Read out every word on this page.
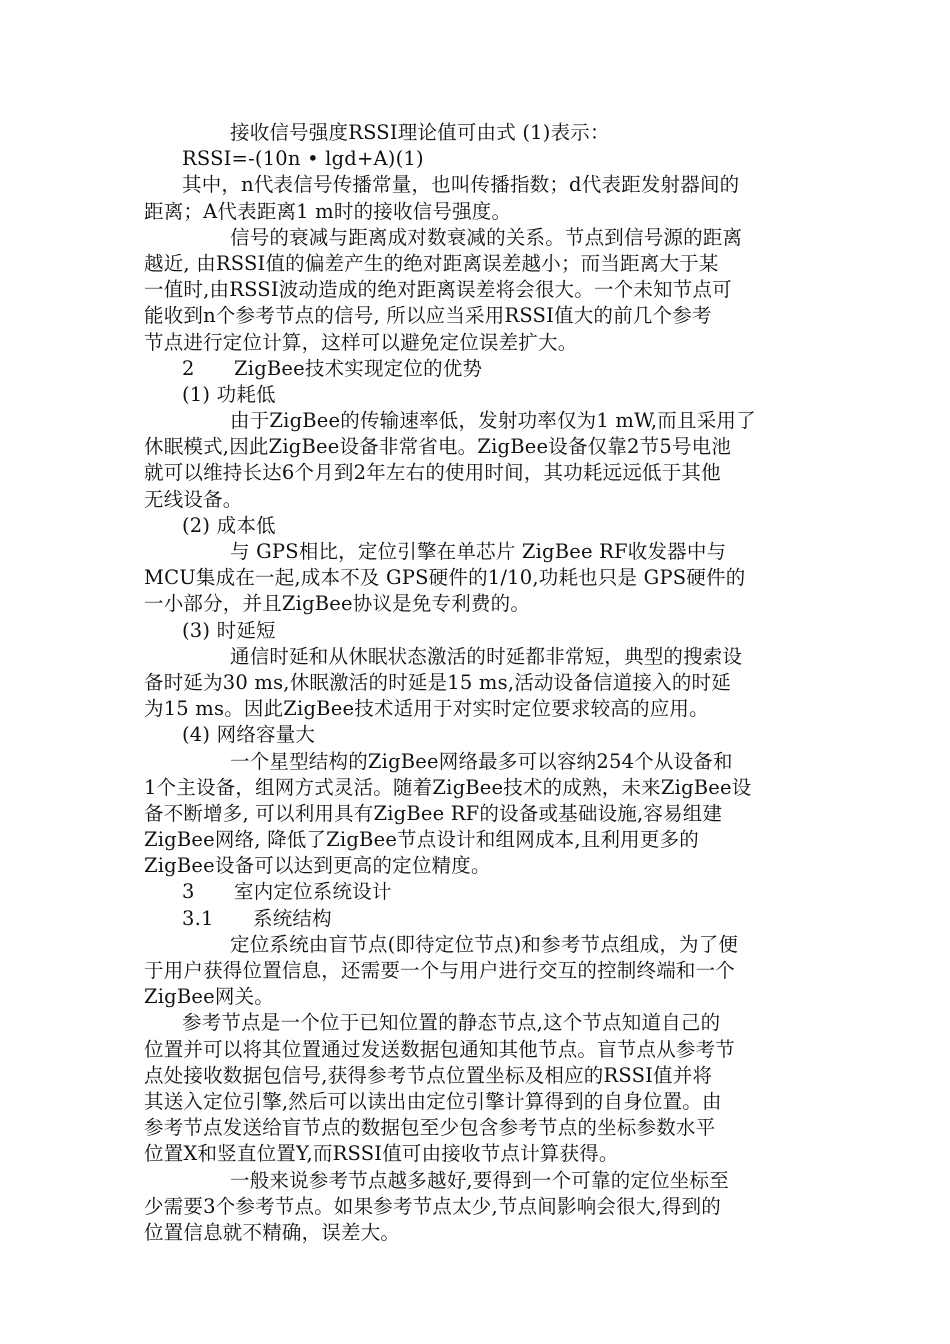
接收信号强度RSSI理论值可由式 (1)表示：
RSSI=-(10n • lgd+A)(1)
其中，n代表信号传播常量，也叫传播指数；d代表距发射器间的
距离；A代表距离1 m时的接收信号强度。
信号的衰减与距离成对数衰减的关系。节点到信号源的距离
越近, 由RSSI值的偏差产生的绝对距离误差越小；而当距离大于某
一值时,由RSSI波动造成的绝对距离误差将会很大。一个未知节点可
能收到n个参考节点的信号, 所以应当采用RSSI值大的前几个参考
节点进行定位计算，这样可以避免定位误差扩大。
2　　ZigBee技术实现定位的优势
(1) 功耗低
由于ZigBee的传输速率低，发射功率仅为1 mW,而且采用了
休眠模式,因此ZigBee设备非常省电。ZigBee设备仅靠2节5号电池
就可以维持长达6个月到2年左右的使用时间，其功耗远远低于其他
无线设备。
(2) 成本低
与 GPS相比，定位引擎在单芯片 ZigBee RF收发器中与
MCU集成在一起,成本不及 GPS硬件的1/10,功耗也只是 GPS硬件的
一小部分，并且ZigBee协议是免专利费的。
(3) 时延短
通信时延和从休眠状态激活的时延都非常短，典型的搜索设
备时延为30 ms,休眠激活的时延是15 ms,活动设备信道接入的时延
为15 ms。因此ZigBee技术适用于对实时定位要求较高的应用。
(4) 网络容量大
一个星型结构的ZigBee网络最多可以容纳254个从设备和
1个主设备，组网方式灵活。随着ZigBee技术的成熟，未来ZigBee设
备不断增多, 可以利用具有ZigBee RF的设备或基础设施,容易组建
ZigBee网络, 降低了ZigBee节点设计和组网成本,且利用更多的
ZigBee设备可以达到更高的定位精度。
3　　室内定位系统设计
3.1　　系统结构
定位系统由盲节点(即待定位节点)和参考节点组成，为了便
于用户获得位置信息，还需要一个与用户进行交互的控制终端和一个
ZigBee网关。
参考节点是一个位于已知位置的静态节点,这个节点知道自己的
位置并可以将其位置通过发送数据包通知其他节点。盲节点从参考节
点处接收数据包信号,获得参考节点位置坐标及相应的RSSI值并将
其送入定位引擎,然后可以读出由定位引擎计算得到的自身位置。由
参考节点发送给盲节点的数据包至少包含参考节点的坐标参数水平
位置X和竖直位置Y,而RSSI值可由接收节点计算获得。
一般来说参考节点越多越好,要得到一个可靠的定位坐标至
少需要3个参考节点。如果参考节点太少,节点间影响会很大,得到的
位置信息就不精确，误差大。
